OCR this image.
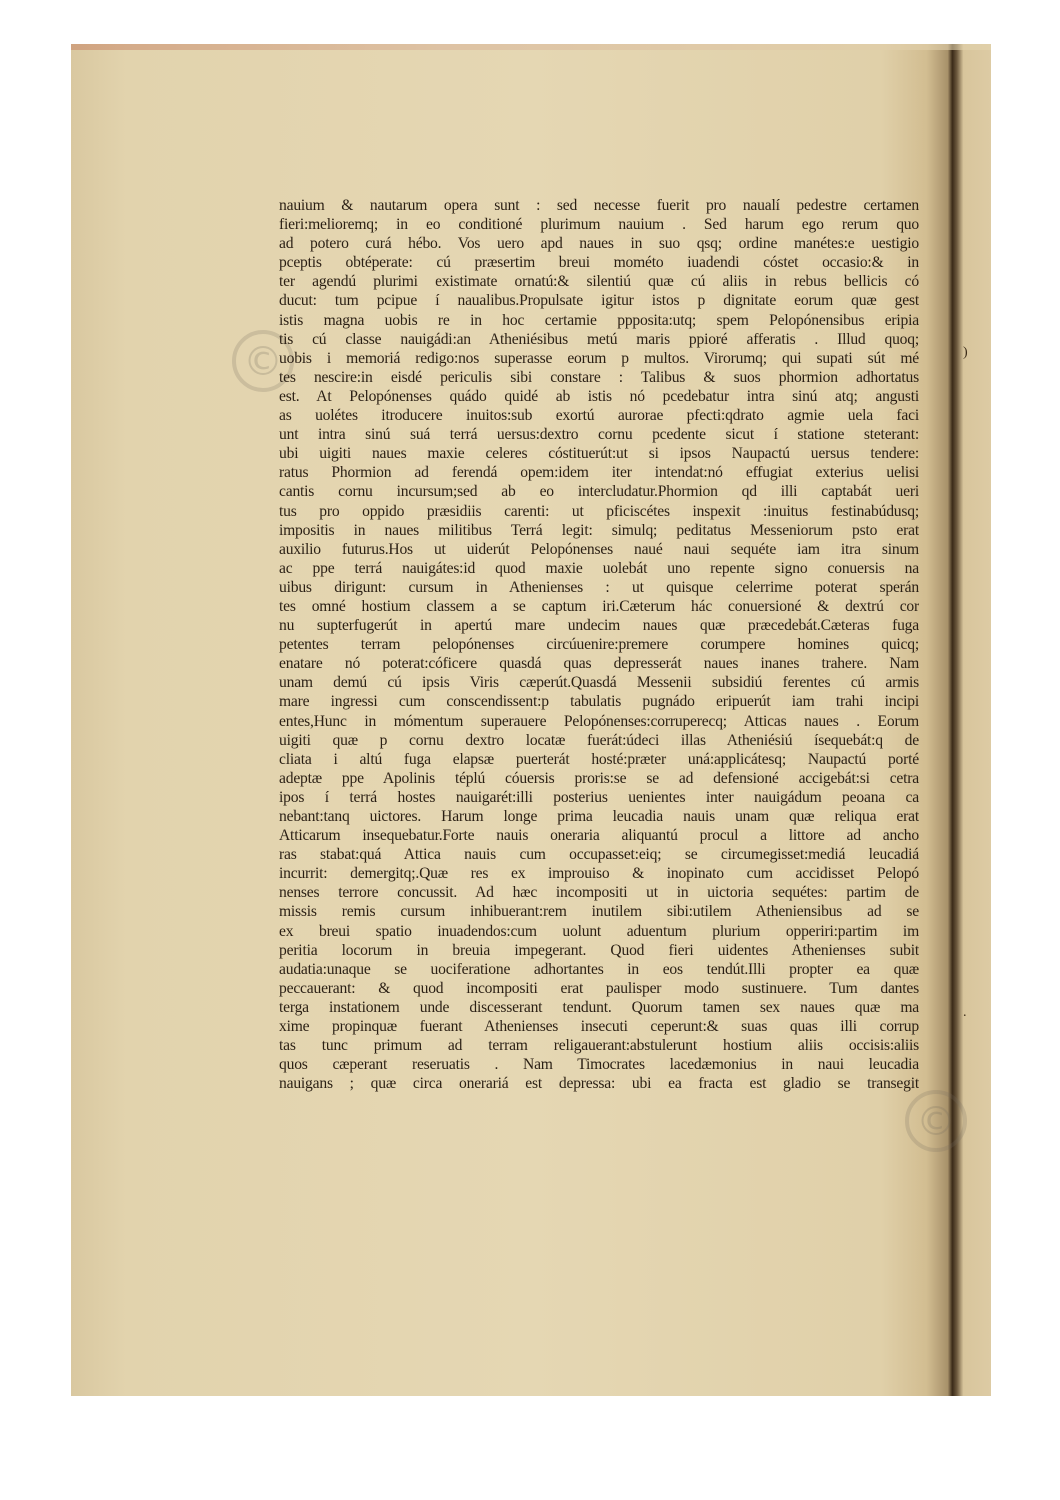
©
©
)
.
nauium & nautarum opera sunt : sed necesse fuerit pro naualí pedestre certamen
fieri:melioremq; in eo conditioné plurimum nauium . Sed harum ego rerum quo
ad potero curá hébo. Vos uero apd naues in suo qsq; ordine manétes:e uestigio
pceptis obtéperate: cú præsertim breui mométo iuadendi cóstet occasio:& in
ter agendú plurimi existimate ornatú:& silentiú quæ cú aliis in rebus bellicis có
ducut: tum pcipue í naualibus.Propulsate igitur istos p dignitate eorum quæ gest
istis magna uobis re in hoc certamie ppposita:utq; spem Pelopónensibus eripia
tis cú classe nauigádi:an Atheniésibus metú maris ppioré afferatis . Illud quoq;
uobis i memoriá redigo:nos superasse eorum p multos. Virorumq; qui supati sút mé
tes nescire:in eisdé periculis sibi constare : Talibus & suos phormion adhortatus
est. At Pelopónenses quádo quidé ab istis nó pcedebatur intra sinú atq; angusti
as uolétes itroducere inuitos:sub exortú aurorae pfecti:qdrato agmie uela faci
unt intra sinú suá terrá uersus:dextro cornu pcedente sicut í statione steterant:
ubi uigiti naues maxie celeres cóstituerút:ut si ipsos Naupactú uersus tendere:
ratus Phormion ad ferendá opem:idem iter intendat:nó effugiat exterius uelisi
cantis cornu incursum;sed ab eo intercludatur.Phormion qd illi captabát ueri
tus pro oppido præsidiis carenti: ut pficiscétes inspexit :inuitus festinabúdusq;
impositis in naues militibus Terrá legit: simulq; peditatus Messeniorum psto erat
auxilio futurus.Hos ut uiderút Pelopónenses naué naui sequéte iam itra sinum
ac ppe terrá nauigátes:id quod maxie uolebát uno repente signo conuersis na
uibus dirigunt: cursum in Athenienses : ut quisque celerrime poterat sperán
tes omné hostium classem a se captum iri.Cæterum hác conuersioné & dextrú cor
nu supterfugerút in apertú mare undecim naues quæ præcedebát.Cæteras fuga
petentes terram pelopónenses circúuenire:premere corumpere homines quicq;
enatare nó poterat:cóficere quasdá quas depresserát naues inanes trahere. Nam
unam demú cú ipsis Viris cæperút.Quasdá Messenii subsidiú ferentes cú armis
mare ingressi cum conscendissent:p tabulatis pugnádo eripuerút iam trahi incipi
entes,Hunc in mómentum superauere Pelopónenses:corruperecq; Atticas naues . Eorum
uigiti quæ p cornu dextro locatæ fuerát:údeci illas Atheniésiú ísequebát:q de
cliata i altú fuga elapsæ puerterát hosté:præter uná:applicátesq; Naupactú porté
adeptæ ppe Apolinis téplú cóuersis proris:se se ad defensioné accigebát:si cetra
ipos í terrá hostes nauigarét:illi posterius uenientes inter nauigádum peoana ca
nebant:tanq uictores. Harum longe prima leucadia nauis unam quæ reliqua erat
Atticarum insequebatur.Forte nauis oneraria aliquantú procul a littore ad ancho
ras stabat:quá Attica nauis cum occupasset:eiq; se circumegisset:mediá leucadiá
incurrit: demergitq;.Quæ res ex improuiso & inopinato cum accidisset Pelopó
nenses terrore concussit. Ad hæc incompositi ut in uictoria sequétes: partim de
missis remis cursum inhibuerant:rem inutilem sibi:utilem Atheniensibus ad se
ex breui spatio inuadendos:cum uolunt aduentum plurium opperiri:partim im
peritia locorum in breuia impegerant. Quod fieri uidentes Athenienses subit
audatia:unaque se uociferatione adhortantes in eos tendút.Illi propter ea quæ
peccauerant: & quod incompositi erat paulisper modo sustinuere. Tum dantes
terga instationem unde discesserant tendunt. Quorum tamen sex naues quæ ma
xime propinquæ fuerant Athenienses insecuti ceperunt:& suas quas illi corrup
tas tunc primum ad terram religauerant:abstulerunt hostium aliis occisis:aliis
quos cæperant reseruatis . Nam Timocrates lacedæmonius in naui leucadia
nauigans ; quæ circa onerariá est depressa: ubi ea fracta est gladio se transegit
